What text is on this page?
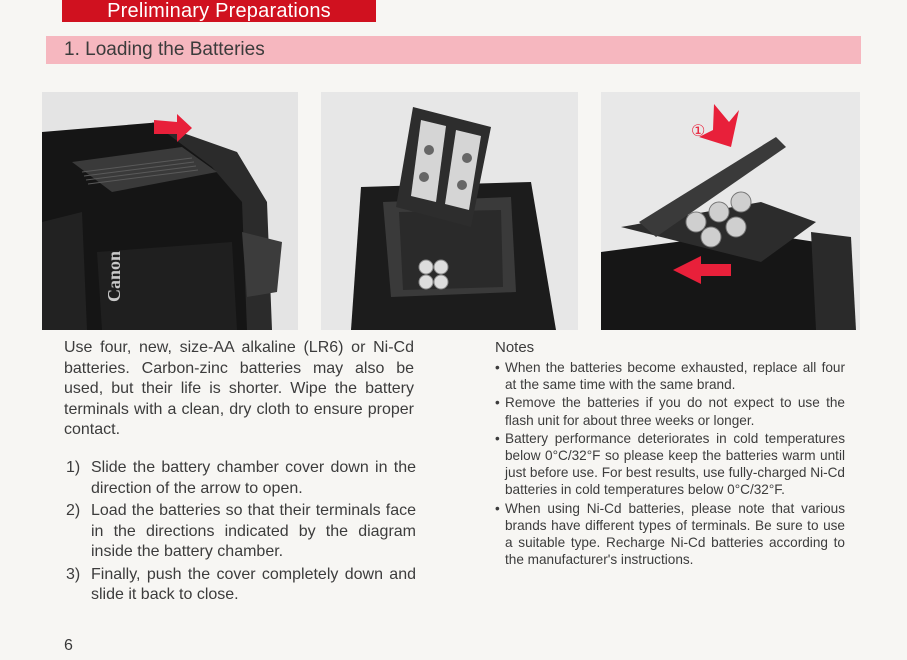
Preliminary Preparations
1. Loading the Batteries
Canon
①
②

Use four, new, size-AA alkaline (LR6) or Ni-Cd batteries. Carbon-zinc batteries may also be used, but their life is shorter. Wipe the battery terminals with a clean, dry cloth to ensure proper contact.

1) Slide the battery chamber cover down in the direction of the arrow to open.
2) Load the batteries so that their terminals face in the directions indicated by the diagram inside the battery chamber.
3) Finally, push the cover completely down and slide it back to close.
Notes
• When the batteries become exhausted, replace all four at the same time with the same brand.
• Remove the batteries if you do not expect to use the flash unit for about three weeks or longer.
• Battery performance deteriorates in cold temperatures below 0°C/32°F so please keep the batteries warm until just before use. For best results, use fully-charged Ni-Cd batteries in cold temperatures below 0°C/32°F.
• When using Ni-Cd batteries, please note that various brands have different types of terminals. Be sure to use a suitable type. Recharge Ni-Cd batteries according to the manufacturer's instructions.
6
